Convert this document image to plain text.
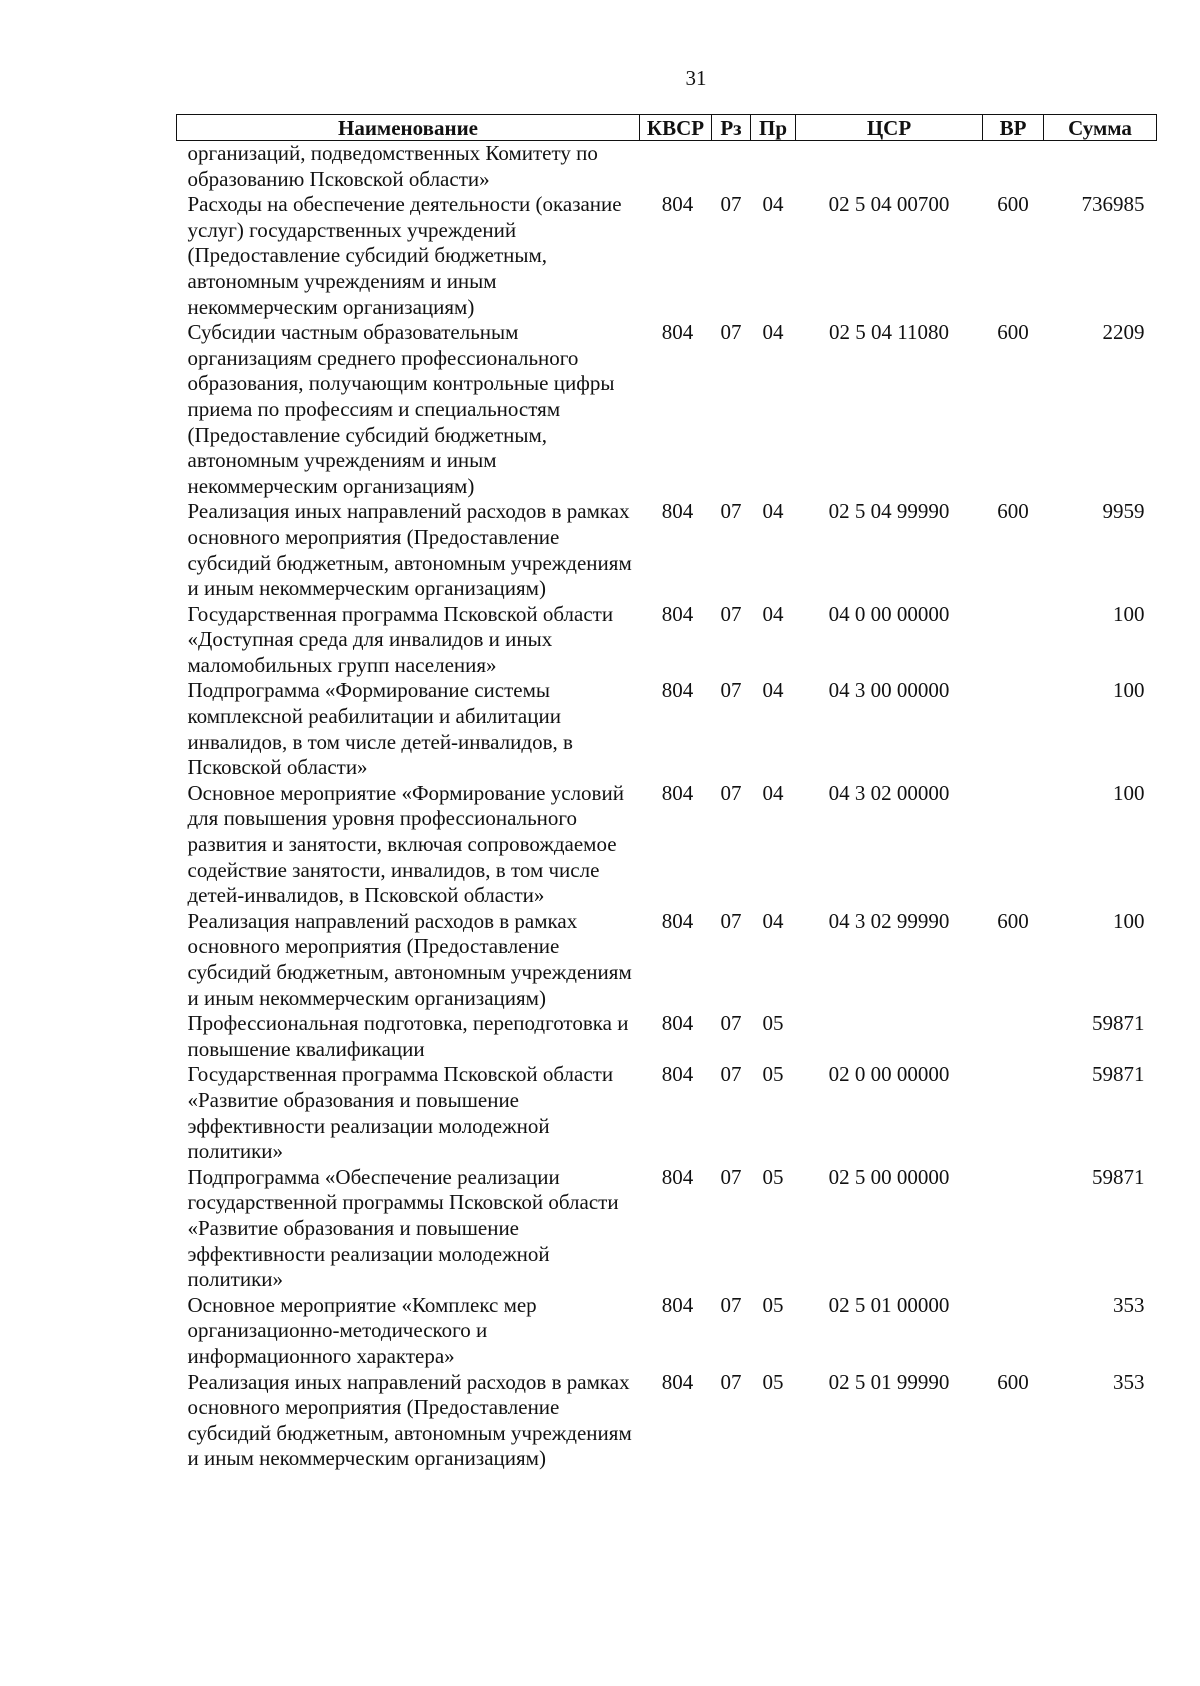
31
Наименование	КВСР	Рз	Пр	ЦСР	ВР	Сумма
организаций, подведомственных Комитету по образованию Псковской области»						
Расходы на обеспечение деятельности (оказание услуг) государственных учреждений (Предоставление субсидий бюджетным, автономным учреждениям и иным некоммерческим организациям)	804	07	04	02 5 04 00700	600	736985
Субсидии частным образовательным организациям среднего профессионального образования, получающим контрольные цифры приема по профессиям и специальностям (Предоставление субсидий бюджетным, автономным учреждениям и иным некоммерческим организациям)	804	07	04	02 5 04 11080	600	2209
Реализация иных направлений расходов в рамках основного мероприятия (Предоставление субсидий бюджетным, автономным учреждениям и иным некоммерческим организациям)	804	07	04	02 5 04 99990	600	9959
Государственная программа Псковской области «Доступная среда для инвалидов и иных маломобильных групп населения»	804	07	04	04 0 00 00000		100
Подпрограмма «Формирование системы комплексной реабилитации и абилитации инвалидов, в том числе детей-инвалидов, в Псковской области»	804	07	04	04 3 00 00000		100
Основное мероприятие «Формирование условий для повышения уровня профессионального развития и занятости, включая сопровождаемое содействие занятости, инвалидов, в том числе детей-инвалидов, в Псковской области»	804	07	04	04 3 02 00000		100
Реализация направлений расходов в рамках основного мероприятия (Предоставление субсидий бюджетным, автономным учреждениям и иным некоммерческим организациям)	804	07	04	04 3 02 99990	600	100
Профессиональная подготовка, переподготовка и повышение квалификации	804	07	05			59871
Государственная программа Псковской области «Развитие образования и повышение эффективности реализации молодежной политики»	804	07	05	02 0 00 00000		59871
Подпрограмма «Обеспечение реализации государственной программы Псковской области «Развитие образования и повышение эффективности реализации молодежной политики»	804	07	05	02 5 00 00000		59871
Основное мероприятие «Комплекс мер организационно-методического и информационного характера»	804	07	05	02 5 01 00000		353
Реализация иных направлений расходов в рамках основного мероприятия (Предоставление субсидий бюджетным, автономным учреждениям и иным некоммерческим организациям)	804	07	05	02 5 01 99990	600	353
